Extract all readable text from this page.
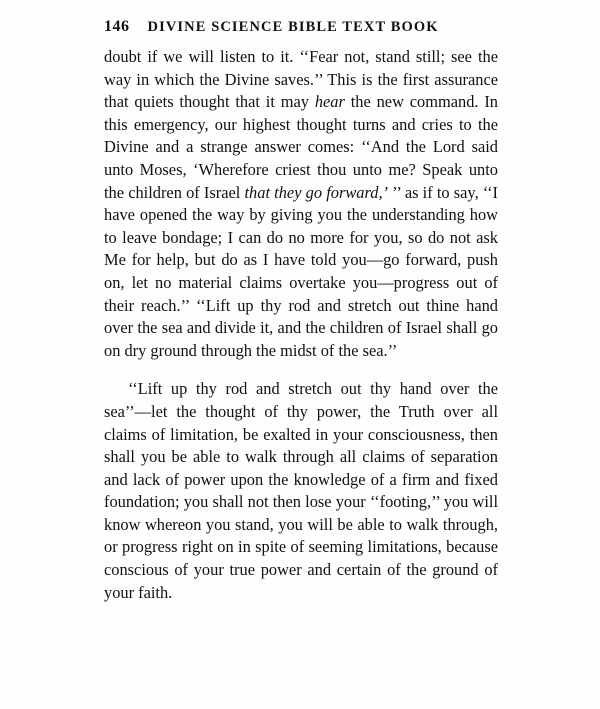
146 DIVINE SCIENCE BIBLE TEXT BOOK

doubt if we will listen to it. ‘‘Fear not, stand still; see the way in which the Divine saves.’’ This is the first assurance that quiets thought that it may hear the new command. In this emergency, our highest thought turns and cries to the Divine and a strange answer comes: ‘‘And the Lord said unto Moses, ‘Wherefore criest thou unto me? Speak unto the children of Israel that they go forward,’ ’’ as if to say, ‘‘I have opened the way by giving you the understanding how to leave bondage; I can do no more for you, so do not ask Me for help, but do as I have told you—go forward, push on, let no material claims overtake you—progress out of their reach.’’ ‘‘Lift up thy rod and stretch out thine hand over the sea and divide it, and the children of Israel shall go on dry ground through the midst of the sea.’’

‘‘Lift up thy rod and stretch out thy hand over the sea’’—let the thought of thy power, the Truth over all claims of limitation, be exalted in your consciousness, then shall you be able to walk through all claims of separation and lack of power upon the knowledge of a firm and fixed foundation; you shall not then lose your ‘‘footing,’’ you will know whereon you stand, you will be able to walk through, or progress right on in spite of seeming limitations, because conscious of your true power and certain of the ground of your faith.
